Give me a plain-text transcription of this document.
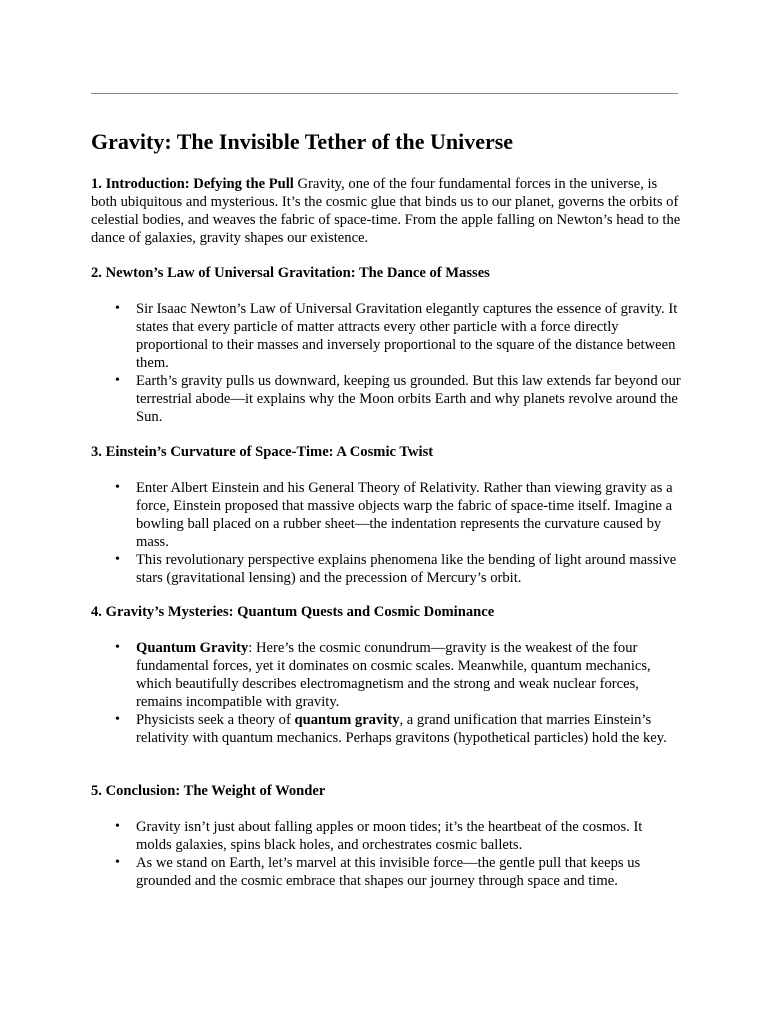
Gravity: The Invisible Tether of the Universe

1. Introduction: Defying the Pull Gravity, one of the four fundamental forces in the universe, is both ubiquitous and mysterious. It’s the cosmic glue that binds us to our planet, governs the orbits of celestial bodies, and weaves the fabric of space-time. From the apple falling on Newton’s head to the dance of galaxies, gravity shapes our existence.

2. Newton’s Law of Universal Gravitation: The Dance of Masses

• Sir Isaac Newton’s Law of Universal Gravitation elegantly captures the essence of gravity. It states that every particle of matter attracts every other particle with a force directly proportional to their masses and inversely proportional to the square of the distance between them.
• Earth’s gravity pulls us downward, keeping us grounded. But this law extends far beyond our terrestrial abode—it explains why the Moon orbits Earth and why planets revolve around the Sun.

3. Einstein’s Curvature of Space-Time: A Cosmic Twist

• Enter Albert Einstein and his General Theory of Relativity. Rather than viewing gravity as a force, Einstein proposed that massive objects warp the fabric of space-time itself. Imagine a bowling ball placed on a rubber sheet—the indentation represents the curvature caused by mass.
• This revolutionary perspective explains phenomena like the bending of light around massive stars (gravitational lensing) and the precession of Mercury’s orbit.

4. Gravity’s Mysteries: Quantum Quests and Cosmic Dominance

• Quantum Gravity: Here’s the cosmic conundrum—gravity is the weakest of the four fundamental forces, yet it dominates on cosmic scales. Meanwhile, quantum mechanics, which beautifully describes electromagnetism and the strong and weak nuclear forces, remains incompatible with gravity.
• Physicists seek a theory of quantum gravity, a grand unification that marries Einstein’s relativity with quantum mechanics. Perhaps gravitons (hypothetical particles) hold the key.

5. Conclusion: The Weight of Wonder

• Gravity isn’t just about falling apples or moon tides; it’s the heartbeat of the cosmos. It molds galaxies, spins black holes, and orchestrates cosmic ballets.
• As we stand on Earth, let’s marvel at this invisible force—the gentle pull that keeps us grounded and the cosmic embrace that shapes our journey through space and time.
